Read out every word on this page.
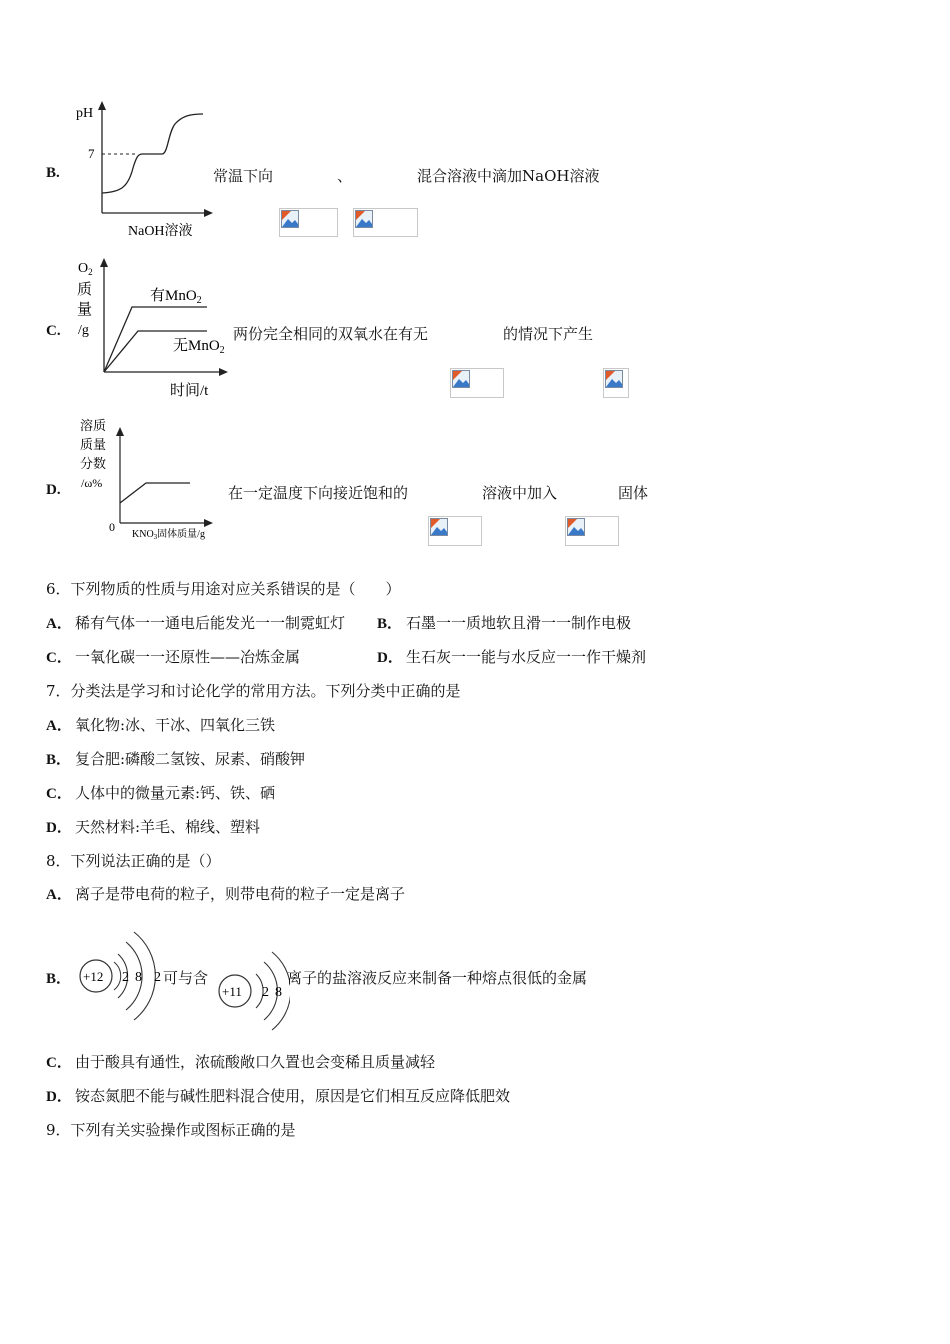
B.
pH
7
NaOH溶液
常温下向	、	混合溶液中滴加NaOH溶液
C.
$O_2$
质
量
/g
有MnO$_2$
无MnO$_2$
时间/t
两份完全相同的双氧水在有无	的情况下产生
D.
溶质
质量
分数
/ω%
0
$KNO_3$固体质量/g
在一定温度下向接近饱和的	溶液中加入	固体
6．下列物质的性质与用途对应关系错误的是（　　）
A． 稀有气体一一通电后能发光一一制霓虹灯 B． 石墨一一质地软且滑一一制作电极
C． 一氧化碳一一还原性——冶炼金属	D． 生石灰一一能与水反应一一作干燥剂
7．分类法是学习和讨论化学的常用方法。下列分类中正确的是
A． 氧化物:冰、干冰、四氧化三铁
B． 复合肥:磷酸二氢铵、尿素、硝酸钾
C． 人体中的微量元素:钙、铁、硒
D． 天然材料:羊毛、棉线、塑料
8．下列说法正确的是（）
A． 离子是带电荷的粒子，则带电荷的粒子一定是离子
B． +12 2 8 2 可与含
+11 2 8
离子的盐溶液反应来制备一种熔点很低的金属
C． 由于酸具有通性，浓硫酸敞口久置也会变稀且质量减轻
D． 铵态氮肥不能与碱性肥料混合使用，原因是它们相互反应降低肥效
9．下列有关实验操作或图标正确的是
